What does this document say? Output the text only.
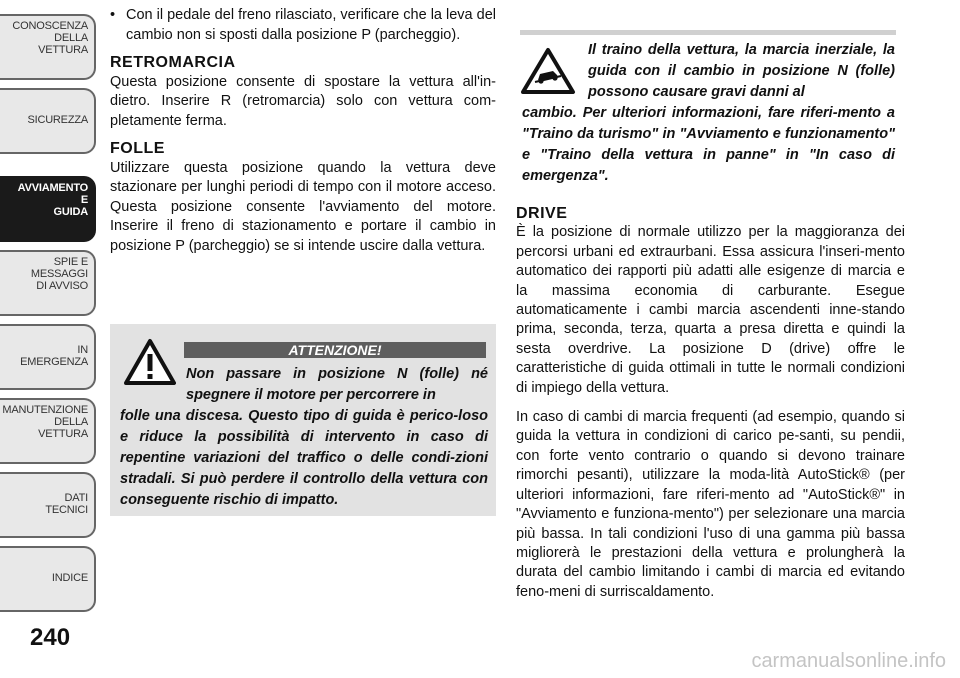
CONOSCENZA
DELLA
VETTURA
SICUREZZA
AVVIAMENTO
E
GUIDA
SPIE E
MESSAGGI
DI AVVISO
IN
EMERGENZA
MANUTENZIONE
DELLA
VETTURA
DATI
TECNICI
INDICE
240
• Con il pedale del freno rilasciato, verificare che la leva del cambio non si sposti dalla posizione P (parcheggio).

RETROMARCIA

Questa posizione consente di spostare la vettura all'in-dietro. Inserire R (retromarcia) solo con vettura com-pletamente ferma.

FOLLE

Utilizzare questa posizione quando la vettura deve stazionare per lunghi periodi di tempo con il motore acceso. Questa posizione consente l'avviamento del motore. Inserire il freno di stazionamento e portare il cambio in posizione P (parcheggio) se si intende uscire dalla vettura.

ATTENZIONE!
Non passare in posizione N (folle) né spegnere il motore per percorrere in
folle una discesa. Questo tipo di guida è perico-loso e riduce la possibilità di intervento in caso di repentine variazioni del traffico o delle condi-zioni stradali. Si può perdere il controllo della vettura con conseguente rischio di impatto.
Il traino della vettura, la marcia inerziale, la guida con il cambio in posizione N (folle) possono causare gravi danni al
cambio. Per ulteriori informazioni, fare riferi-mento a "Traino da turismo" in "Avviamento e funzionamento" e "Traino della vettura in panne" in "In caso di emergenza".
DRIVE

È la posizione di normale utilizzo per la maggioranza dei percorsi urbani ed extraurbani. Essa assicura l'inseri-mento automatico dei rapporti più adatti alle esigenze di marcia e la massima economia di carburante. Esegue automaticamente i cambi marcia ascendenti inne-stando prima, seconda, terza, quarta a presa diretta e quindi la sesta overdrive. La posizione D (drive) offre le caratteristiche di guida ottimali in tutte le normali condizioni di impiego della vettura.

In caso di cambi di marcia frequenti (ad esempio, quando si guida la vettura in condizioni di carico pe-santi, su pendii, con forte vento contrario o quando si devono trainare rimorchi pesanti), utilizzare la moda-lità AutoStick® (per ulteriori informazioni, fare riferi-mento ad "AutoStick®" in "Avviamento e funziona-mento") per selezionare una marcia più bassa. In tali condizioni l'uso di una gamma più bassa migliorerà le prestazioni della vettura e prolungherà la durata del cambio limitando i cambi di marcia ed evitando feno-meni di surriscaldamento.

carmanualsonline.info
